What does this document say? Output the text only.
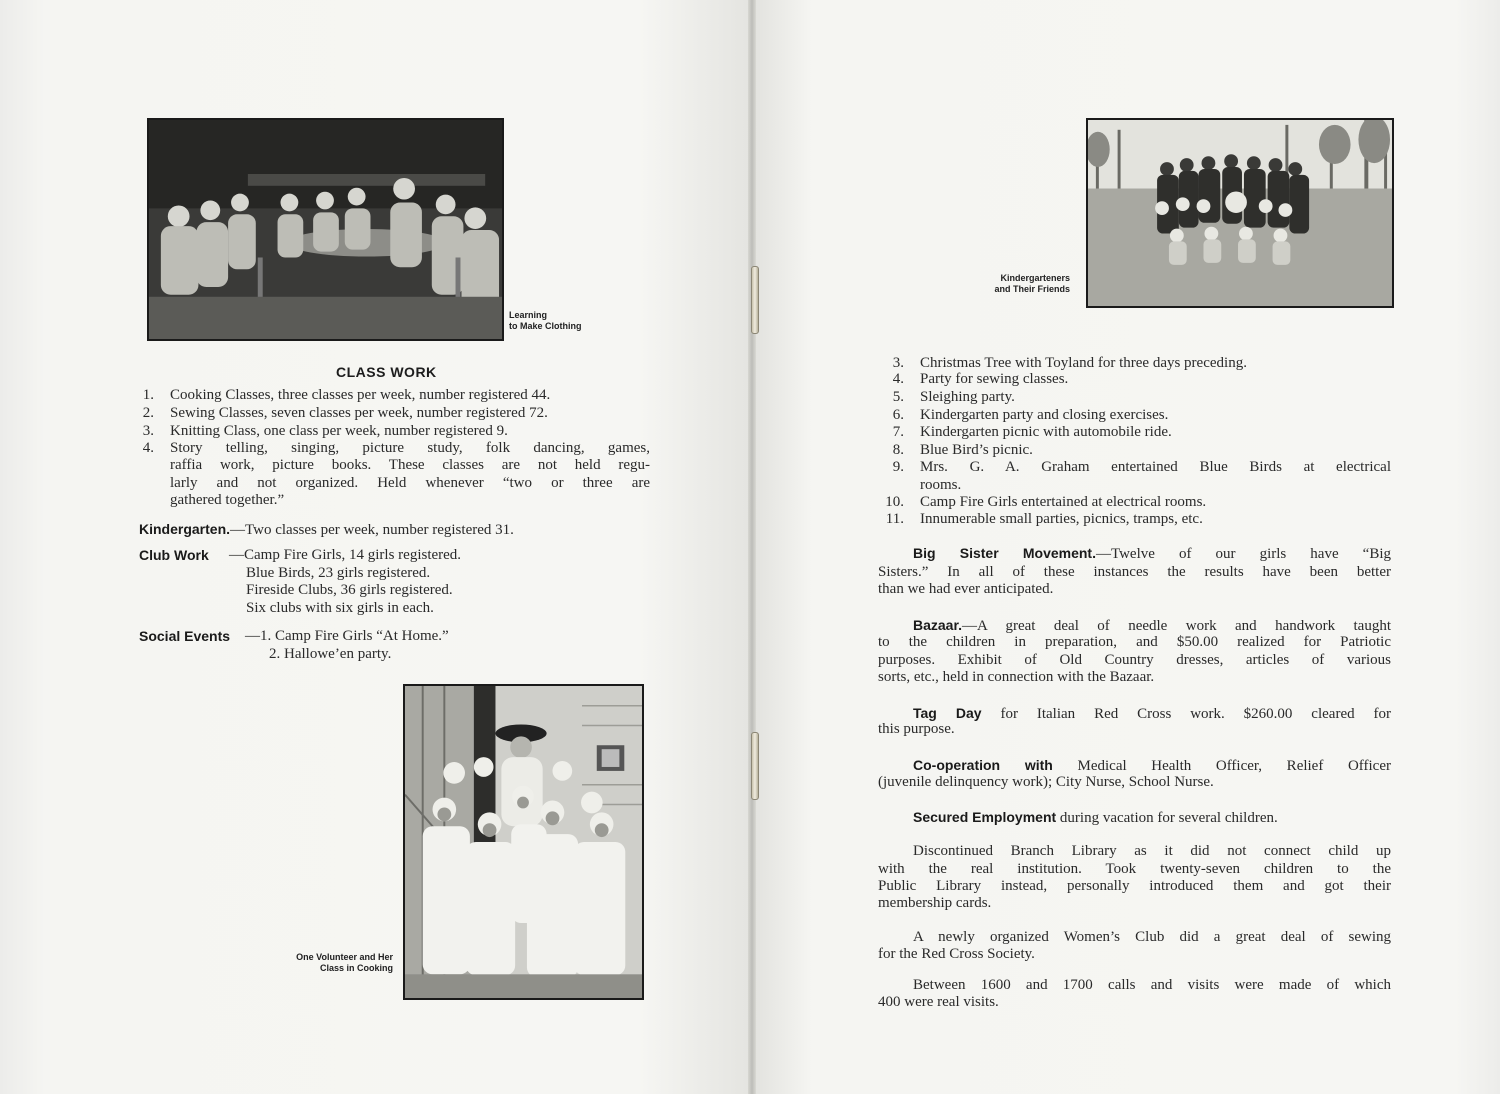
Learning
to Make Clothing
CLASS WORK
1. Cooking Classes, three classes per week, number registered 44.
2. Sewing Classes, seven classes per week, number registered 72.
3. Knitting Class, one class per week, number registered 9.
4. Story telling, singing, picture study, folk dancing, games,
raffia work, picture books. These classes are not held regu-
larly and not organized. Held whenever “two or three are
gathered together.”
Kindergarten.—Two classes per week, number registered 31.
Club Work —Camp Fire Girls, 14 girls registered.
Blue Birds, 23 girls registered.
Fireside Clubs, 36 girls registered.
Six clubs with six girls in each.
Social Events —1. Camp Fire Girls “At Home.”
2. Hallowe’en party.
One Volunteer and Her
Class in Cooking
Kindergarteners
and Their Friends
3. Christmas Tree with Toyland for three days preceding.
4. Party for sewing classes.
5. Sleighing party.
6. Kindergarten party and closing exercises.
7. Kindergarten picnic with automobile ride.
8. Blue Bird’s picnic.
9. Mrs. G. A. Graham entertained Blue Birds at electrical
rooms.
10. Camp Fire Girls entertained at electrical rooms.
11. Innumerable small parties, picnics, tramps, etc.
Big Sister Movement.—Twelve of our girls have “Big
Sisters.” In all of these instances the results have been better
than we had ever anticipated.
Bazaar.—A great deal of needle work and handwork taught
to the children in preparation, and $50.00 realized for Patriotic
purposes. Exhibit of Old Country dresses, articles of various
sorts, etc., held in connection with the Bazaar.
Tag Day for Italian Red Cross work. $260.00 cleared for
this purpose.
Co-operation with Medical Health Officer, Relief Officer
(juvenile delinquency work); City Nurse, School Nurse.
Secured Employment during vacation for several children.
Discontinued Branch Library as it did not connect child up
with the real institution. Took twenty-seven children to the
Public Library instead, personally introduced them and got their
membership cards.
A newly organized Women’s Club did a great deal of sewing
for the Red Cross Society.
Between 1600 and 1700 calls and visits were made of which
400 were real visits.
